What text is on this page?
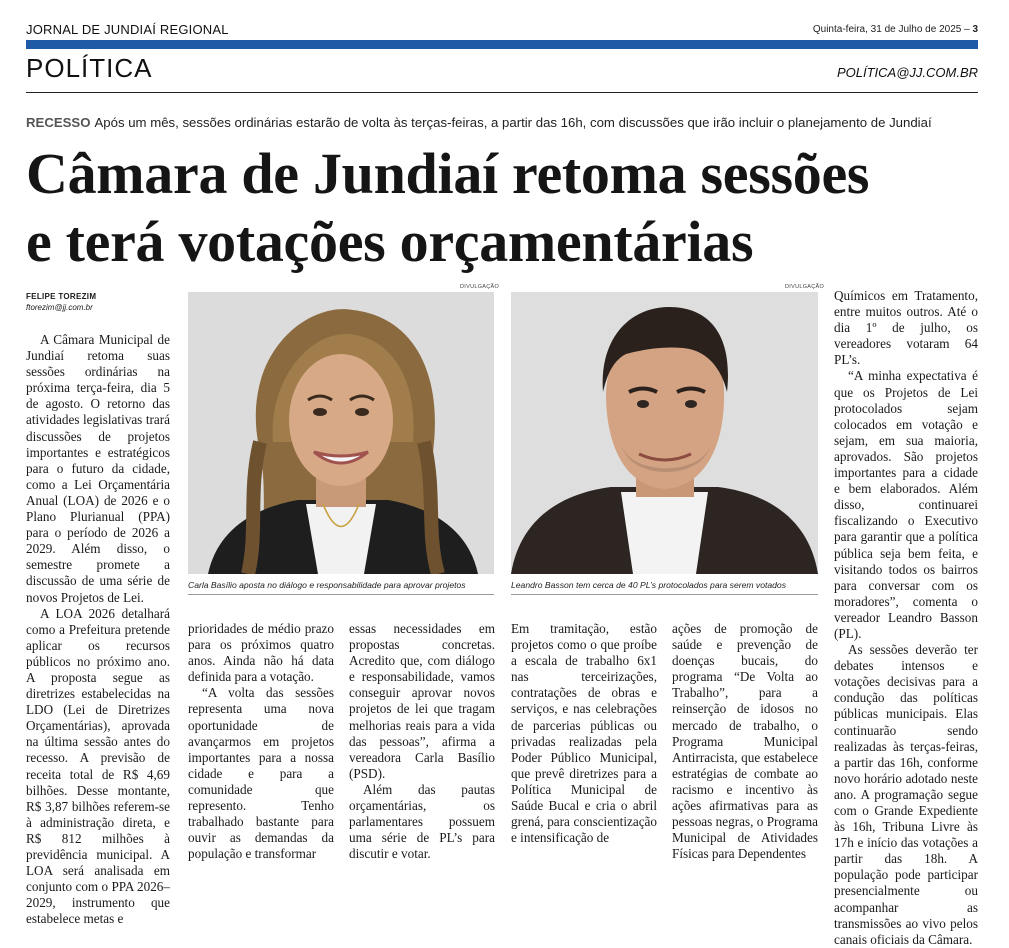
JORNAL DE JUNDIAÍ REGIONAL	Quinta-feira, 31 de Julho de 2025 – 3
POLÍTICA	POLÍTICA@JJ.COM.BR
RECESSO Após um mês, sessões ordinárias estarão de volta às terças-feiras, a partir das 16h, com discussões que irão incluir o planejamento de Jundiaí
Câmara de Jundiaí retoma sessões
e terá votações orçamentárias
FELIPE TOREZIM
ftorezim@jj.com.br

A Câmara Municipal de Jundiaí retoma suas sessões ordinárias na próxima terça-feira, dia 5 de agosto. O retorno das atividades legislativas trará discussões de projetos importantes e estratégicos para o futuro da cidade, como a Lei Orçamentária Anual (LOA) de 2026 e o Plano Plurianual (PPA) para o período de 2026 a 2029. Além disso, o semestre promete a discussão de uma série de novos Projetos de Lei.

A LOA 2026 detalhará como a Prefeitura pretende aplicar os recursos públicos no próximo ano. A proposta segue as diretrizes estabelecidas na LDO (Lei de Diretrizes Orçamentárias), aprovada na última sessão antes do recesso. A previsão de receita total de R$ 4,69 bilhões. Desse montante, R$ 3,87 bilhões referem-se à administração direta, e R$ 812 milhões à previdência municipal. A LOA será analisada em conjunto com o PPA 2026–2029, instrumento que estabelece metas e

DIVULGAÇÃO
Carla Basílio aposta no diálogo e responsabilidade para aprovar projetos
DIVULGAÇÃO
Leandro Basson tem cerca de 40 PL’s protocolados para serem votados

prioridades de médio prazo para os próximos quatro anos. Ainda não há data definida para a votação.

“A volta das sessões representa uma nova oportunidade de avançarmos em projetos importantes para a nossa cidade e para a comunidade que represento. Tenho trabalhado bastante para ouvir as demandas da população e transformar

essas necessidades em propostas concretas. Acredito que, com diálogo e responsabilidade, vamos conseguir aprovar novos projetos de lei que tragam melhorias reais para a vida das pessoas”, afirma a vereadora Carla Basílio (PSD).

Além das pautas orçamentárias, os parlamentares possuem uma série de PL’s para discutir e votar.

Em tramitação, estão projetos como o que proíbe a escala de trabalho 6x1 nas terceirizações, contratações de obras e serviços, e nas celebrações de parcerias públicas ou privadas realizadas pela Poder Público Municipal, que prevê diretrizes para a Política Municipal de Saúde Bucal e cria o abril grená, para conscientização e intensificação de

ações de promoção de saúde e prevenção de doenças bucais, do programa “De Volta ao Trabalho”, para a reinserção de idosos no mercado de trabalho, o Programa Municipal Antirracista, que estabelece estratégias de combate ao racismo e incentivo às ações afirmativas para as pessoas negras, o Programa Municipal de Atividades Físicas para Dependentes

Químicos em Tratamento, entre muitos outros. Até o dia 1º de julho, os vereadores votaram 64 PL’s.

“A minha expectativa é que os Projetos de Lei protocolados sejam colocados em votação e sejam, em sua maioria, aprovados. São projetos importantes para a cidade e bem elaborados. Além disso, continuarei fiscalizando o Executivo para garantir que a política pública seja bem feita, e visitando todos os bairros para conversar com os moradores”, comenta o vereador Leandro Basson (PL).

As sessões deverão ter debates intensos e votações decisivas para a condução das políticas públicas municipais. Elas continuarão sendo realizadas às terças-feiras, a partir das 16h, conforme novo horário adotado neste ano. A programação segue com o Grande Expediente às 16h, Tribuna Livre às 17h e início das votações a partir das 18h. A população pode participar presencialmente ou acompanhar as transmissões ao vivo pelos canais oficiais da Câmara.
